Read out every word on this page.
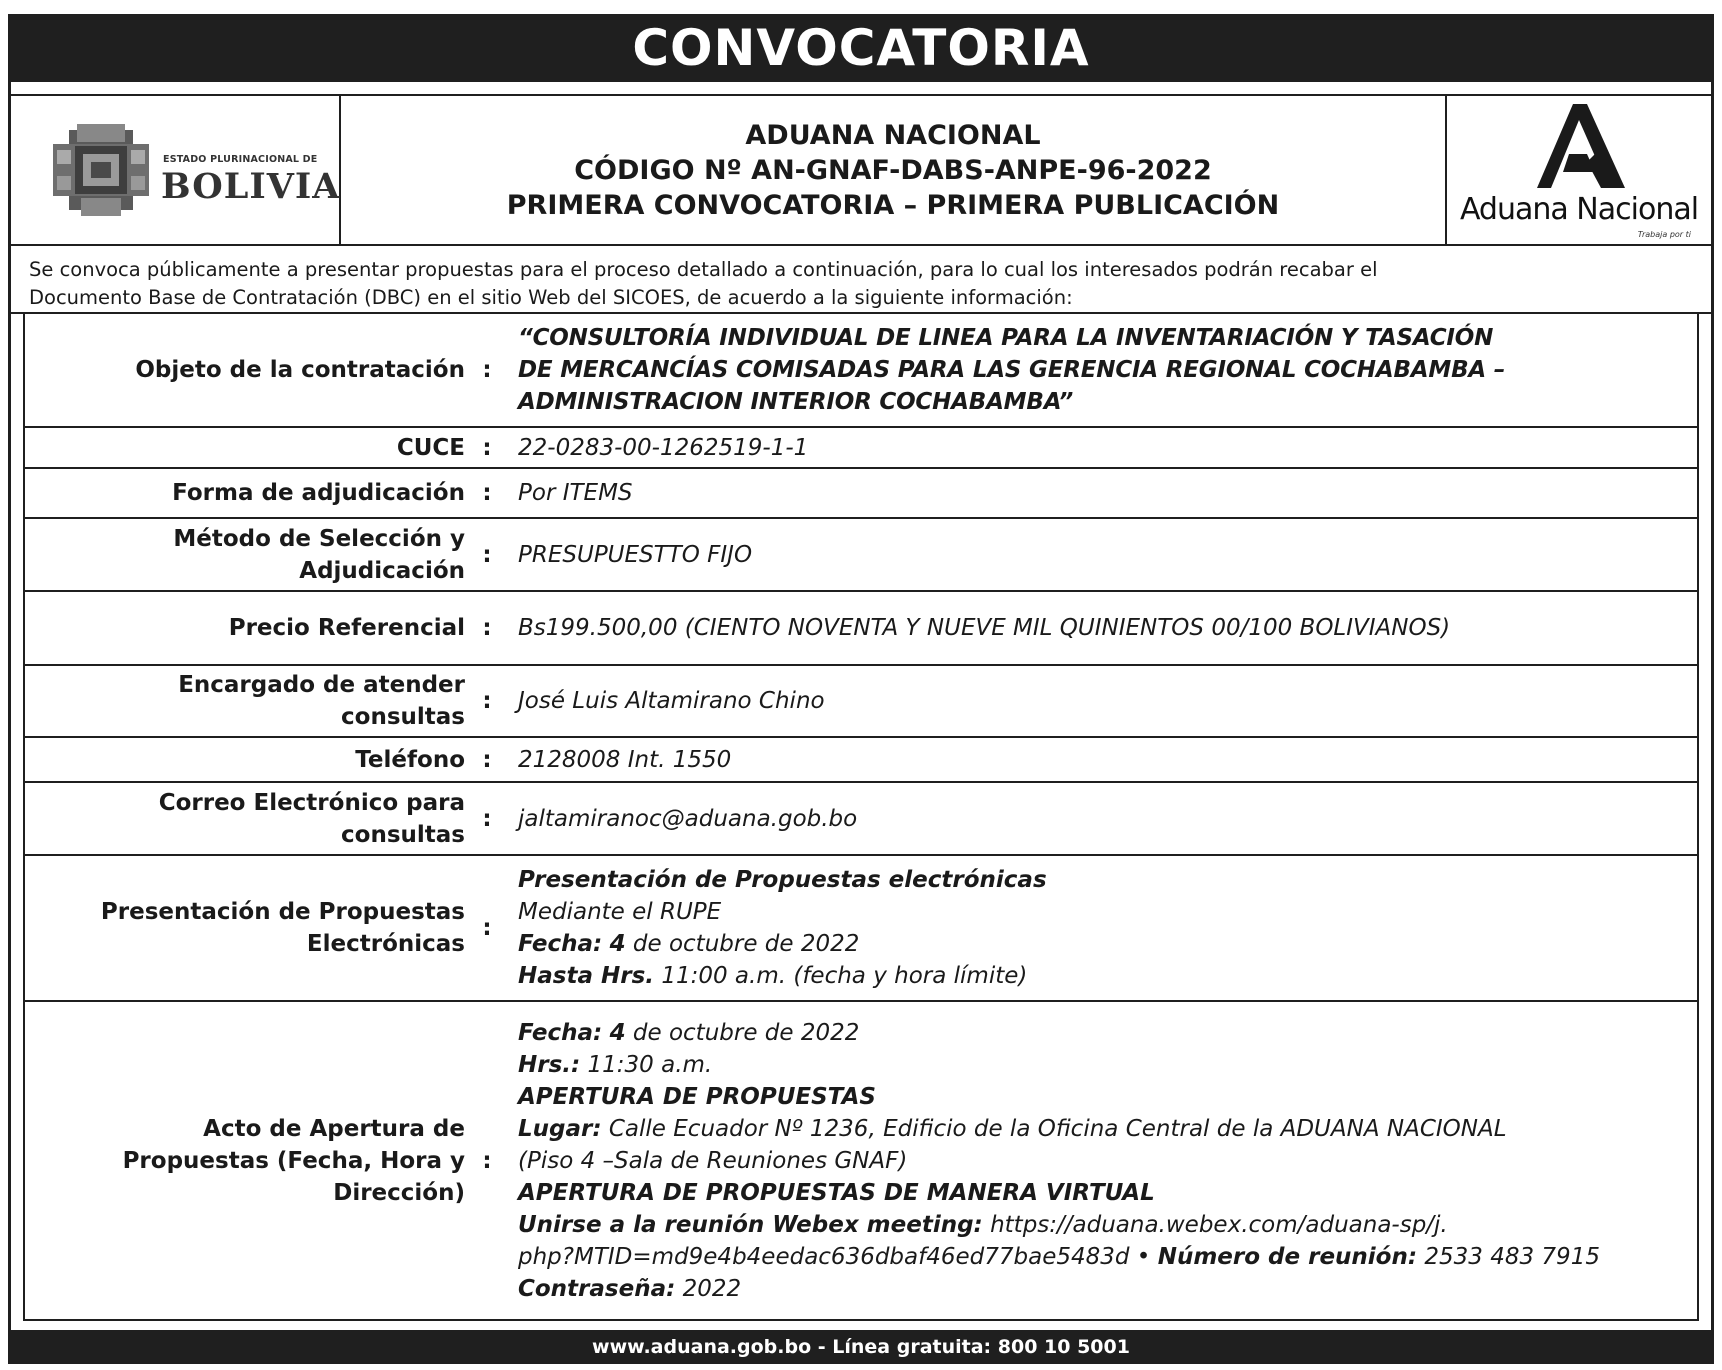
CONVOCATORIA
ESTADO PLURINACIONAL DE
BOLIVIA
ADUANA NACIONAL
CÓDIGO Nº AN-GNAF-DABS-ANPE-96-2022
PRIMERA CONVOCATORIA – PRIMERA PUBLICACIÓN	Aduana Nacional
Trabaja por ti
Se convoca públicamente a presentar propuestas para el proceso detallado a continuación, para lo cual los interesados podrán recabar el
Documento Base de Contratación (DBC) en el sitio Web del SICOES, de acuerdo a la siguiente información:
Objeto de la contratación :
“CONSULTORÍA INDIVIDUAL DE LINEA PARA LA INVENTARIACIÓN Y TASACIÓN
DE MERCANCÍAS COMISADAS PARA LAS GERENCIA REGIONAL COCHABAMBA –
ADMINISTRACION INTERIOR COCHABAMBA”
CUCE : 22-0283-00-1262519-1-1
Forma de adjudicación : Por ITEMS
Método de Selección y
Adjudicación
: PRESUPUESTTO FIJO
Precio Referencial : Bs199.500,00 (CIENTO NOVENTA Y NUEVE MIL QUINIENTOS 00/100 BOLIVIANOS)
Encargado de atender
consultas
: José Luis Altamirano Chino
Teléfono : 2128008 Int. 1550
Correo Electrónico para
consultas
: jaltamiranoc@aduana.gob.bo
Presentación de Propuestas
Electrónicas
:
Presentación de Propuestas electrónicas
Mediante el RUPE
Fecha: 4 de octubre de 2022
Hasta Hrs. 11:00 a.m. (fecha y hora límite)
Acto de Apertura de
Propuestas (Fecha, Hora y
Dirección)
:
Fecha: 4 de octubre de 2022
Hrs.: 11:30 a.m.
APERTURA DE PROPUESTAS
Lugar: Calle Ecuador Nº 1236, Edificio de la Oficina Central de la ADUANA NACIONAL
(Piso 4 –Sala de Reuniones GNAF)
APERTURA DE PROPUESTAS DE MANERA VIRTUAL
Unirse a la reunión Webex meeting: https://aduana.webex.com/aduana-sp/j.
php?MTID=md9e4b4eedac636dbaf46ed77bae5483d • Número de reunión: 2533 483 7915
Contraseña: 2022
www.aduana.gob.bo - Línea gratuita: 800 10 5001
